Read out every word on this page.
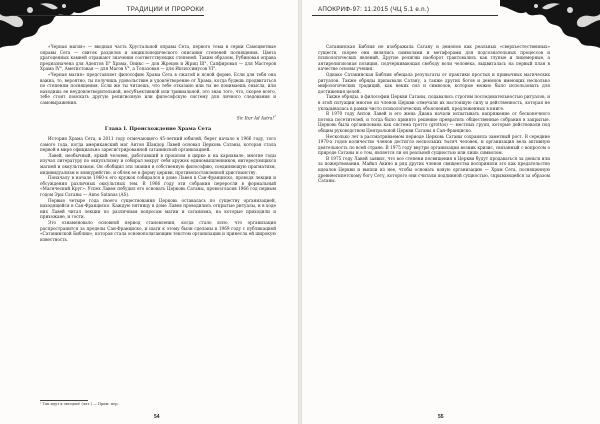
ТРАДИЦИИ И ПРОРОКИ

«Черная магия» — вводная часть Хрустальной оправы Сета, первого тома в серии Самоцветные оправы Сета — свиток разделов и энциклопедического описания степеней посвящения. Цвета драгоценных камней отражают значения соответствующих степеней. Таким образом, Рубиновая оправа предназначена для Адептов II° Храма, Оникс — для Жрецов и Жриц III°, Сапфировая — для Мастеров Храма IV°, Аметистовая — для Магов V°, а Топазовая — для Ипсиссимусов VI°.

«Черная магия» представляет философию Храма Сета в сжатой и ясной форме. Если для тебя она важна, то, вероятно, ты получишь удовольствие и удовлетворение от Храма, когда будешь продвигаться по степеням посвящения. Если же ты читаешь, что тебе отказано или ты не понимаешь смысла, или находишь ее неудовлетворительной, несубъективной или тривиальной, это знак того, что, скорее всего, тебе стоит поискать другую религиозную или философскую систему для личного следования и самовыражения.

Sic Itur Ad Astra!$^1$

Глава I. Происхождение Храма Сета

История Храма Сета, в 2011 году отмечающего 45-летний юбилей, берет начало в 1966 году, того самого года, когда американский маг Антон Шандор Лавей основал Церковь Сатаны, которая стала первой в мире официально зарегистрированной сатанинской организацией.

Лавей, необычный, яркий человек, работавший в прошлом в цирке и на карнавале, многие годы изучал литературу по оккультизму и собирал вокруг себя кружок единомышленников, интересующихся магией и оккультизмом. Он обобщил эти знания в собственную философию, соединяющую прагматизм, индивидуализм и эпикурейство, и облек ее в форму церкви, противопоставленной христианству.

Поначалу в начале 1960-х его кружок собирался в доме Лавея в Сан-Франциско, проводя лекции и обсуждения различных оккультных тем. В 1966 году эти собрания переросли в формальный «Магический Круг». Успех Лавея побудил его основать Церковь Сатаны, провозгласив 1966 год первым годом Эры Сатаны — Anno Satanas (AS).

Первые четыре года своего существования Церковь оставалась по существу организацией, находящейся в Сан-Франциско. Каждую пятницу в доме Лавея проводились открытые ритуалы, и в ходе них Лавей читал лекции по различным вопросам магии и сатанизма, на которые приходили и прихожане, и гости.

Это ознаменовало основной период становления, когда стало ясно, что организация распространится за пределы Сан-Франциско, и шаги к этому были сделаны в 1969 году с публикацией «Сатанинской Библии», которая стала основополагающим текстом организации и принесла ей широкую известность.

¹ Так идут к звездам! (лат.) — Прим. пер.
54
АПОКРИФ-97: 11.2015 (ЧЦ 5.1 e.n.)

Сатанинская Библия не изображала Сатану и демонов как реальных «сверхъестественных» существ, скорее они являлись символами и метафорами для подсознательных процессов и психологических явлений. Другие религии наоборот трактовались как глупые и лицемерные, а антирелигиозная позиция, подчеркивающая свободу воли человека, выдвигалась на первый план в качестве основы учения.

Однако Сатанинская Библия обещала результаты от практики простых и привычных магических ритуалов. Также обряды призывали Сатану, а также других богов и демонов имеющих несколько мифологических традиций, как неких сил и символов, которые можно было использовать для достижения целей.

Также обряды, в философии Церкви Сатаны, подавались строгим последовательностью ритуалов, и в этой ситуации многие из членов Церкви отмечали их настоящую силу и действенность, которая не укладывалась в рамки чисто психологических объяснений, предложенных в книге.

В 1970 году Антон Лавей и его жена Диана начали испытывать напряжение от бесконечного потока посетителей, и тогда было принято решение превратить общественные собрания в закрытые. Церковь была организована как система гротто (grottos) — местных групп, которые действовали под общим руководством Центральной Церкви Сатаны в Сан-Франциско.

Несколько лет в рассматриваемом периоде Церковь Сатаны сохраняла заметный рост. В середине 1970-х годов количество членов достигло нескольких тысяч человек, и организация вела активную деятельность по всей стране. В 1975 году внутри организации возник кризис, связанный с вопросом о природе Сатаны и о том, является ли он реальной сущностью или лишь символом.

В 1975 году Лавей заявил, что все степени посвящения в Церкви будут продаваться за деньги или за пожертвования. Майкл Акино и ряд других членов священства восприняли это как предательство идеалов Церкви и вышли из нее, чтобы основать новую организацию — Храм Сета, посвященную древнеегипетскому богу Сету, которого они считали подлинной сущностью, скрывающейся за образом Сатаны.

55
